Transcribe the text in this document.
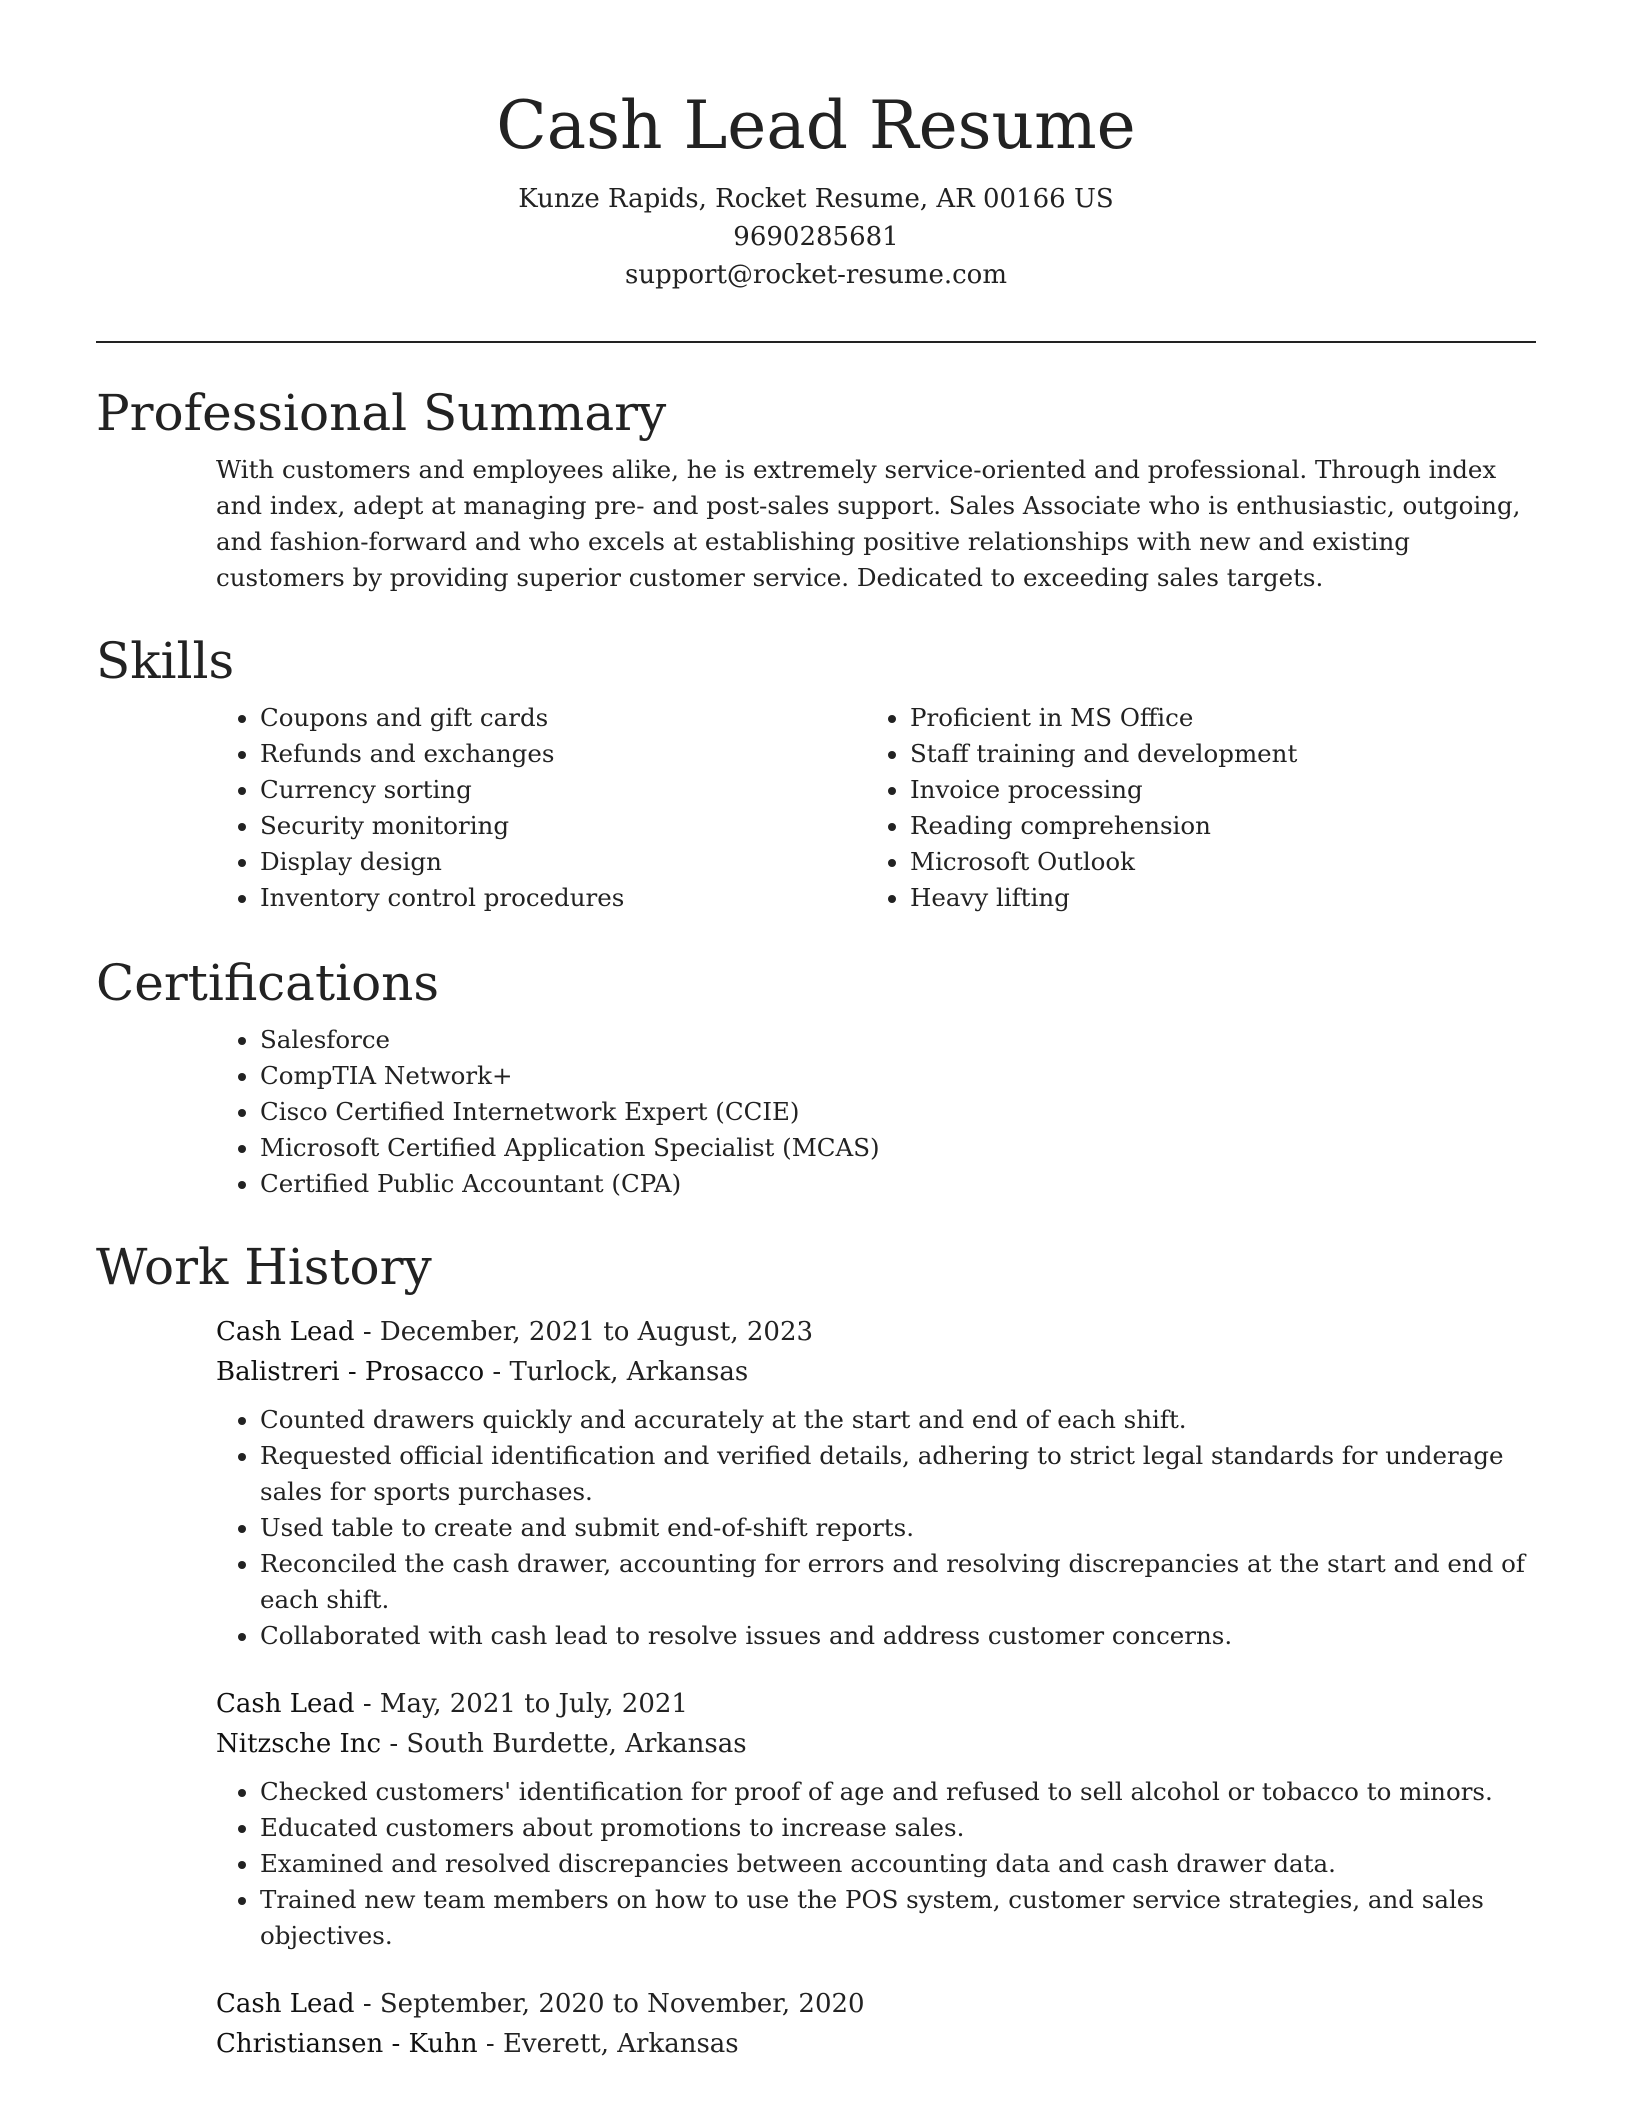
Cash Lead Resume

Kunze Rapids, Rocket Resume, AR 00166 US

9690285681

support@rocket-resume.com

Professional Summary

With customers and employees alike, he is extremely service-oriented and professional. Through index and index, adept at managing pre- and post-sales support. Sales Associate who is enthusiastic, outgoing, and fashion-forward and who excels at establishing positive relationships with new and existing customers by providing superior customer service. Dedicated to exceeding sales targets.

Skills
• Coupons and gift cards
• Refunds and exchanges
• Currency sorting
• Security monitoring
• Display design
• Inventory control procedures
• Proficient in MS Office
• Staff training and development
• Invoice processing
• Reading comprehension
• Microsoft Outlook
• Heavy lifting
Certifications
• Salesforce
• CompTIA Network+
• Cisco Certified Internetwork Expert (CCIE)
• Microsoft Certified Application Specialist (MCAS)
• Certified Public Accountant (CPA)
Work History

Cash Lead - December, 2021 to August, 2023

Balistreri - Prosacco - Turlock, Arkansas

• Counted drawers quickly and accurately at the start and end of each shift.
• Requested official identification and verified details, adhering to strict legal standards for underage sales for sports purchases.
• Used table to create and submit end-of-shift reports.
• Reconciled the cash drawer, accounting for errors and resolving discrepancies at the start and end of each shift.
• Collaborated with cash lead to resolve issues and address customer concerns.

Cash Lead - May, 2021 to July, 2021

Nitzsche Inc - South Burdette, Arkansas

• Checked customers' identification for proof of age and refused to sell alcohol or tobacco to minors.
• Educated customers about promotions to increase sales.
• Examined and resolved discrepancies between accounting data and cash drawer data.
• Trained new team members on how to use the POS system, customer service strategies, and sales objectives.

Cash Lead - September, 2020 to November, 2020

Christiansen - Kuhn - Everett, Arkansas
